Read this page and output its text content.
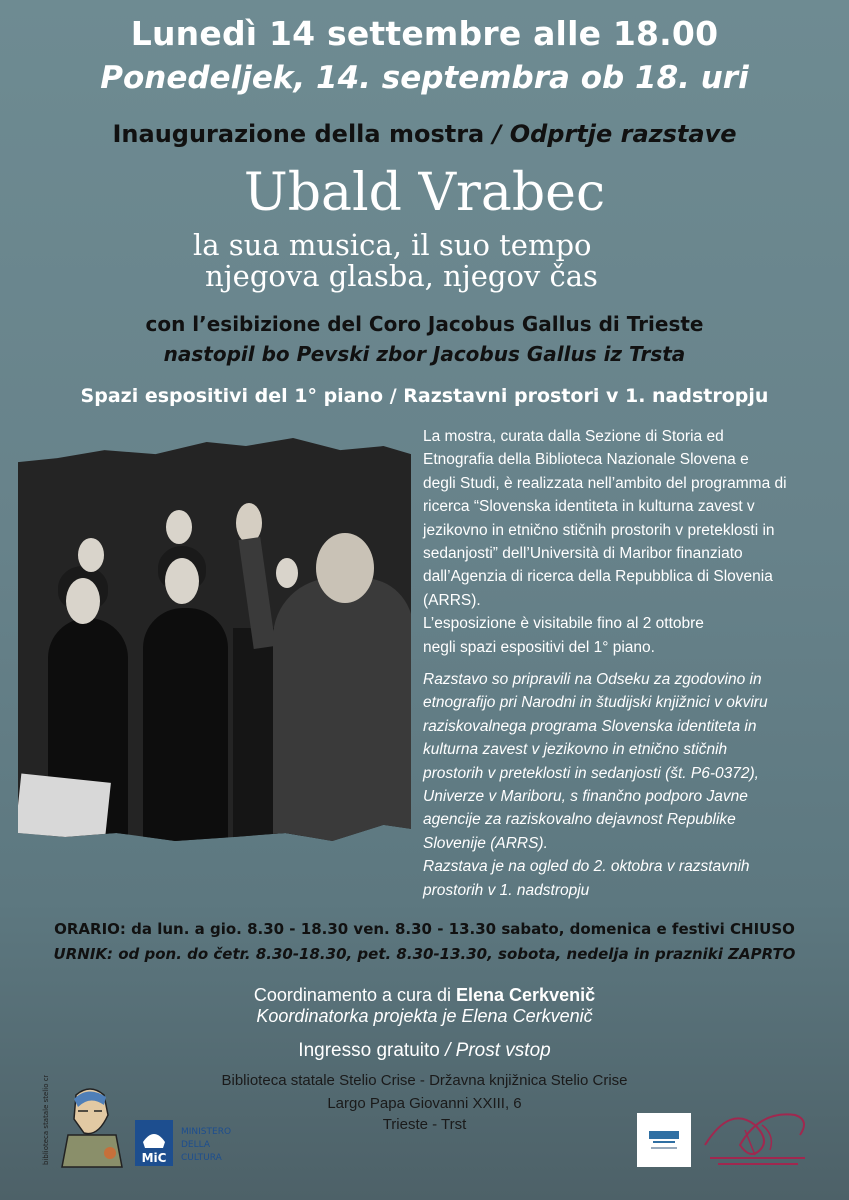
Lunedì 14 settembre alle 18.00
Ponedeljek, 14. septembra ob 18. uri
Inaugurazione della mostra / Odprtje razstave
Ubald Vrabec
la sua musica, il suo tempo
njegova glasba, njegov čas
con l’esibizione del Coro Jacobus Gallus di Trieste
nastopil bo Pevski zbor Jacobus Gallus iz Trsta
Spazi espositivi del 1° piano / Razstavni prostori v 1. nadstropju
La mostra, curata dalla Sezione di Storia ed
Etnografia della Biblioteca Nazionale Slovena e
degli Studi, è realizzata nell’ambito del programma di
ricerca “Slovenska identiteta in kulturna zavest v
jezikovno in etnično stičnih prostorih v preteklosti in
sedanjosti” dell’Università di Maribor finanziato
dall’Agenzia di ricerca della Repubblica di Slovenia
(ARRS).
L’esposizione è visitabile fino al 2 ottobre
negli spazi espositivi del 1° piano.
Razstavo so pripravili na Odseku za zgodovino in
etnografijo pri Narodni in študijski knjižnici v okviru
raziskovalnega programa Slovenska identiteta in
kulturna zavest v jezikovno in etnično stičnih
prostorih v preteklosti in sedanjosti (št. P6-0372),
Univerze v Mariboru, s finančno podporo Javne
agencije za raziskovalno dejavnost Republike
Slovenije (ARRS).
Razstava je na ogled do 2. oktobra v razstavnih
prostorih v 1. nadstropju
ORARIO: da lun. a gio. 8.30 - 18.30 ven. 8.30 - 13.30 sabato, domenica e festivi CHIUSO
URNIK: od pon. do četr. 8.30-18.30, pet. 8.30-13.30, sobota, nedelja in prazniki ZAPRTO
Coordinamento a cura di Elena Cerkvenič
Koordinatorka projekta je Elena Cerkvenič
Ingresso gratuito / Prost vstop
Biblioteca statale Stelio Crise - Državna knjižnica Stelio Crise
Largo Papa Giovanni XXIII, 6
Trieste - Trst
biblioteca statale stelio crise trieste	MiC
MINISTERO
DELLA
CULTURA
